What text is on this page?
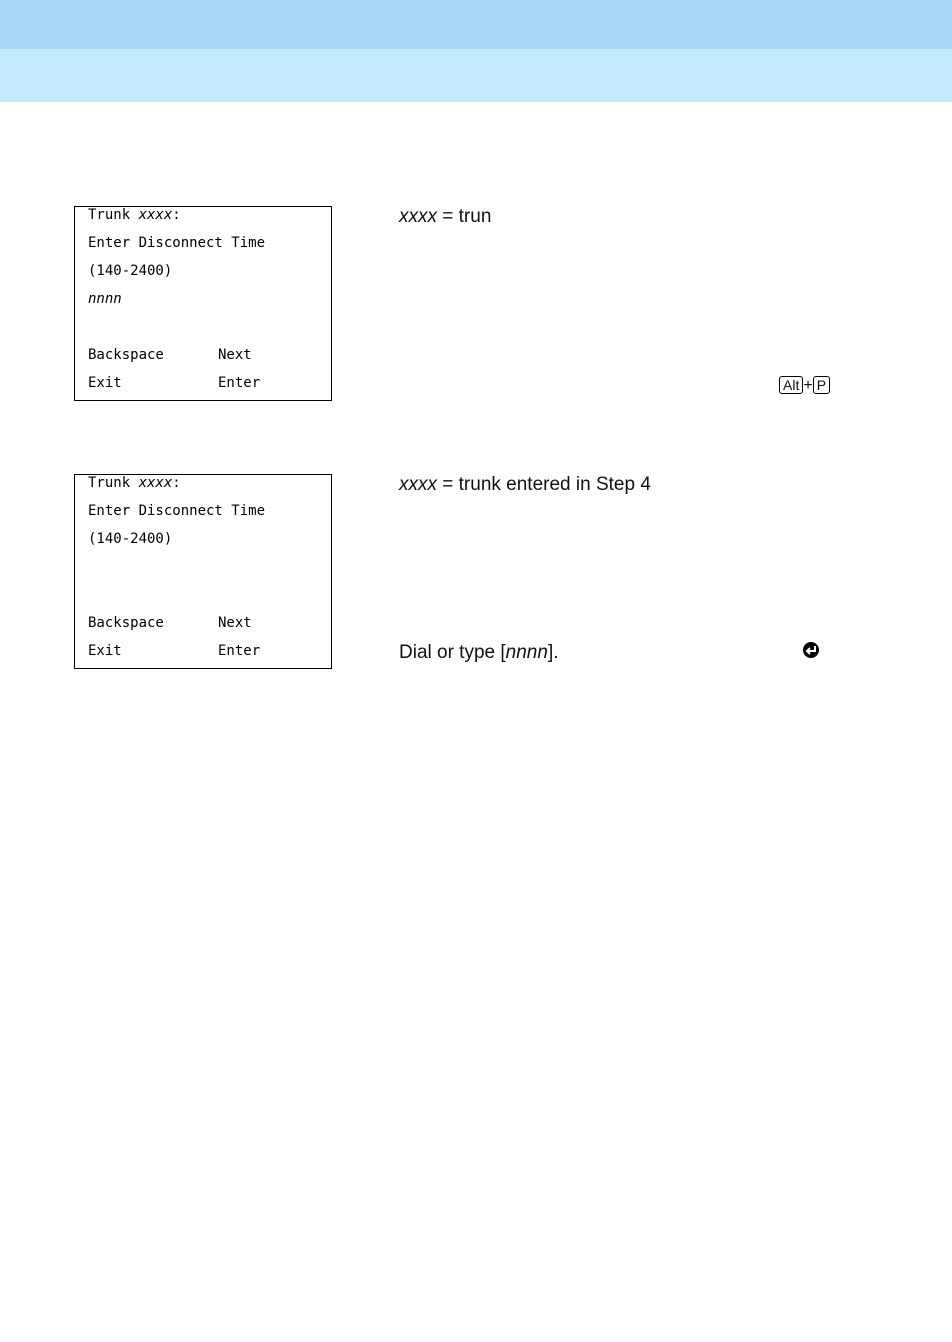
Trunk xxxx:
Enter Disconnect Time
(140-2400)
nnnn
Backspace	Next
Exit	Enter
xxxx = trun
Alt + P
Trunk xxxx:
Enter Disconnect Time
(140-2400)
Backspace	Next
Exit	Enter
xxxx = trunk entered in Step 4
Dial or type [nnnn].
